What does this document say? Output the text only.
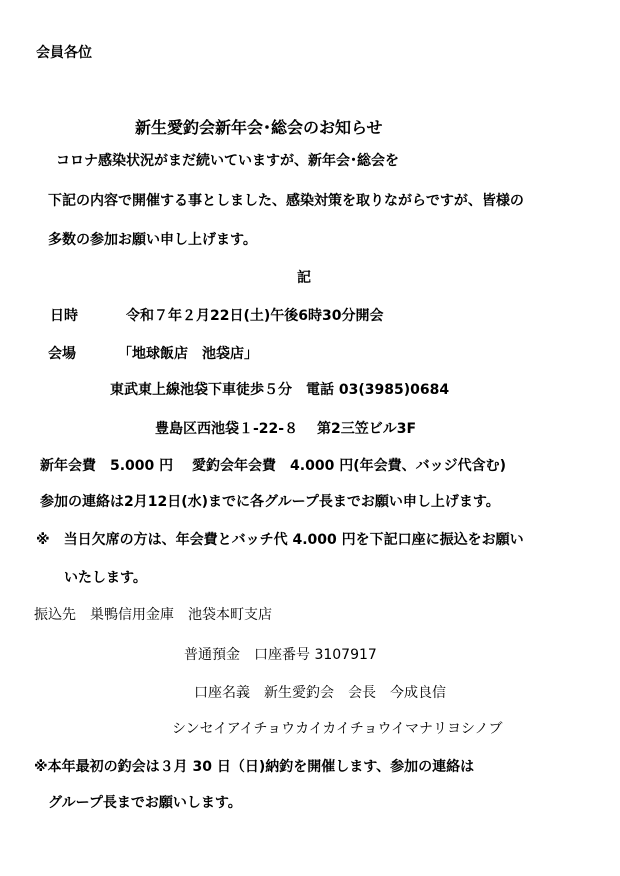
会員各位
新生愛釣会新年会･総会のお知らせ
コロナ感染状況がまだ続いていますが、新年会･総会を
下記の内容で開催する事としました、感染対策を取りながらですが、皆様の
多数の参加お願い申し上げます。
記
日時	令和７年２月22日(土)午後6時30分開会
会場	「地球飯店　池袋店」
東武東上線池袋下車徒歩５分　電話 03(3985)0684
豊島区西池袋１-22-８　 第2三笠ビル3F
新年会費　5.000 円　 愛釣会年会費　4.000 円(年会費、バッジ代含む)
参加の連絡は2月12日(水)までに各グループ長までお願い申し上げます。
※　当日欠席の方は、年会費とバッチ代 4.000 円を下記口座に振込をお願い
いたします。
振込先　巣鴨信用金庫　池袋本町支店
普通預金　口座番号 3107917
口座名義　新生愛釣会　会長　今成良信
シンセイアイチョウカイカイチョウイマナリヨシノブ
※本年最初の釣会は３月 30 日（日)納釣を開催します、参加の連絡は
グループ長までお願いします。
